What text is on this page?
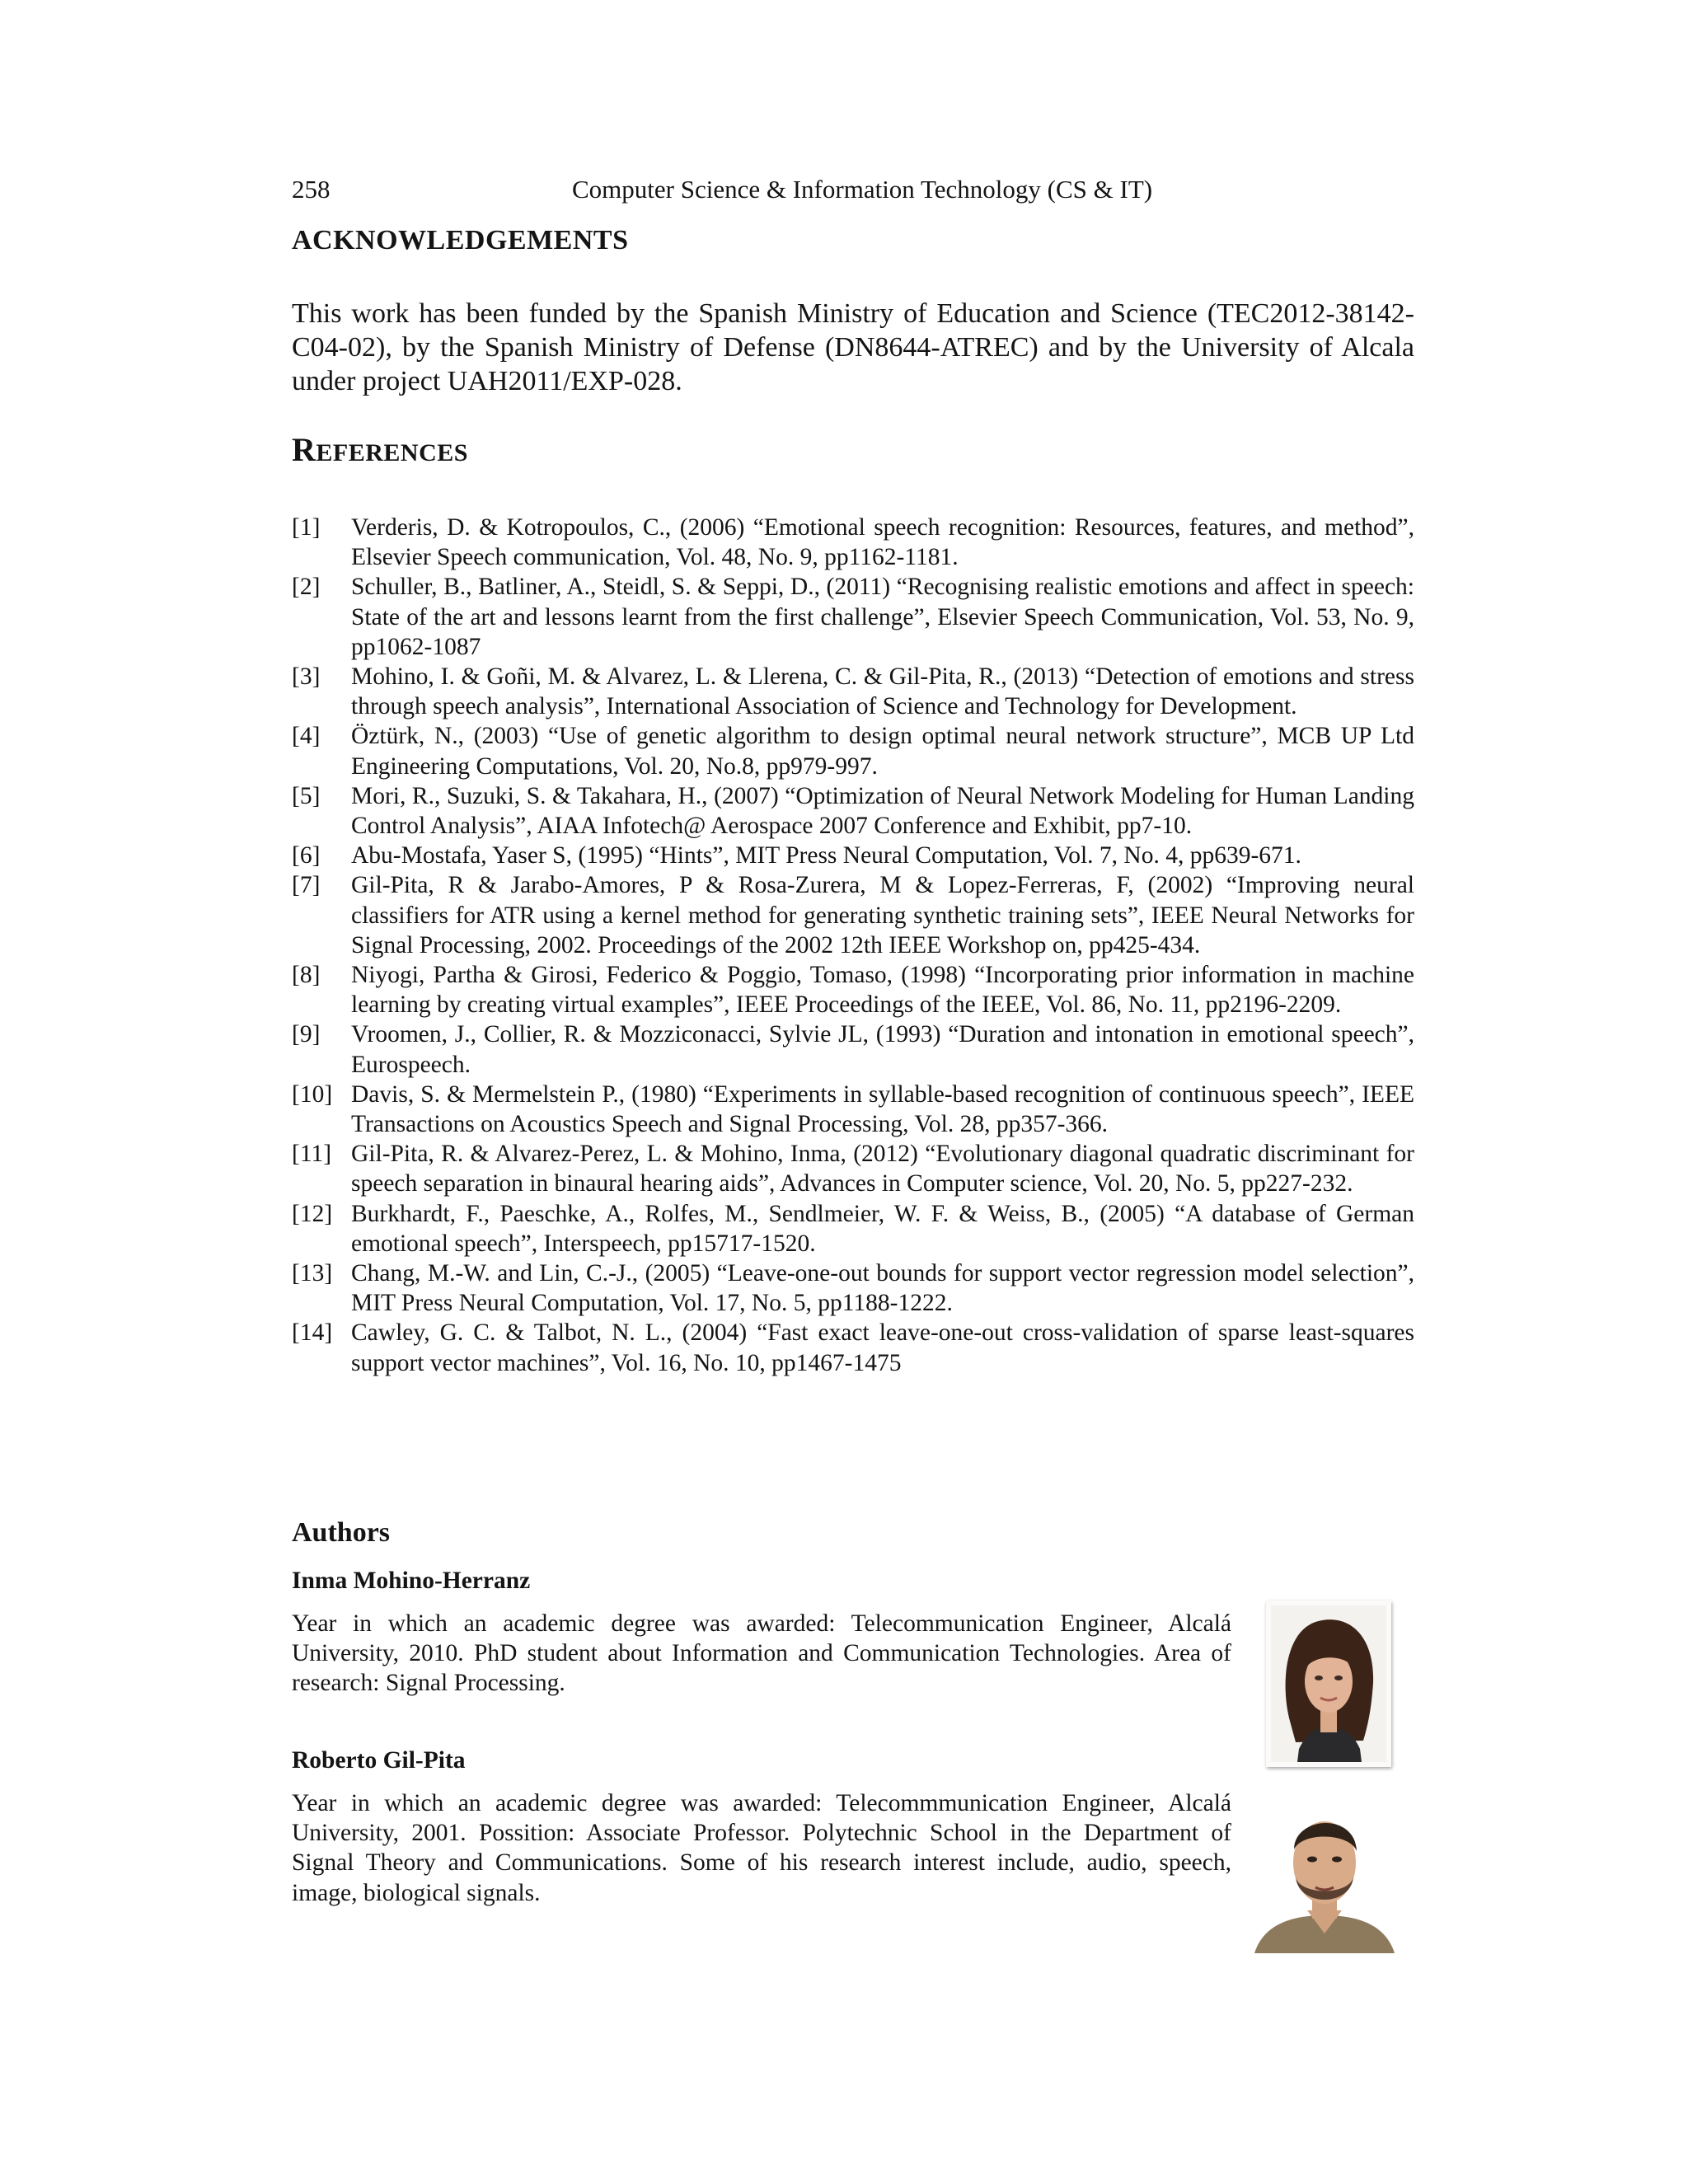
258	Computer Science & Information Technology (CS & IT)
ACKNOWLEDGEMENTS
This work has been funded by the Spanish Ministry of Education and Science (TEC2012-38142-C04-02), by the Spanish Ministry of Defense (DN8644-ATREC) and by the University of Alcala under project UAH2011/EXP-028.
REFERENCES
[1]	Verderis, D. & Kotropoulos, C., (2006) “Emotional speech recognition: Resources, features, and method”, Elsevier Speech communication, Vol. 48, No. 9, pp1162-1181.
[2]	Schuller, B., Batliner, A., Steidl, S. & Seppi, D., (2011) “Recognising realistic emotions and affect in speech: State of the art and lessons learnt from the first challenge”, Elsevier Speech Communication, Vol. 53, No. 9, pp1062-1087
[3]	Mohino, I. & Goñi, M. & Alvarez, L. & Llerena, C. & Gil-Pita, R., (2013) “Detection of emotions and stress through speech analysis”, International Association of Science and Technology for Development.
[4]	Öztürk, N., (2003) “Use of genetic algorithm to design optimal neural network structure”, MCB UP Ltd Engineering Computations, Vol. 20, No.8, pp979-997.
[5]	Mori, R., Suzuki, S. & Takahara, H., (2007) “Optimization of Neural Network Modeling for Human Landing Control Analysis”, AIAA Infotech@ Aerospace 2007 Conference and Exhibit, pp7-10.
[6]	Abu-Mostafa, Yaser S, (1995) “Hints”, MIT Press Neural Computation, Vol. 7, No. 4, pp639-671.
[7]	Gil-Pita, R & Jarabo-Amores, P & Rosa-Zurera, M & Lopez-Ferreras, F, (2002) “Improving neural classifiers for ATR using a kernel method for generating synthetic training sets”, IEEE Neural Networks for Signal Processing, 2002. Proceedings of the 2002 12th IEEE Workshop on, pp425-434.
[8]	Niyogi, Partha & Girosi, Federico & Poggio, Tomaso, (1998) “Incorporating prior information in machine learning by creating virtual examples”, IEEE Proceedings of the IEEE, Vol. 86, No. 11, pp2196-2209.
[9]	Vroomen, J., Collier, R. & Mozziconacci, Sylvie JL, (1993) “Duration and intonation in emotional speech”, Eurospeech.
[10] Davis, S. & Mermelstein P., (1980) “Experiments in syllable-based recognition of continuous speech”, IEEE Transactions on Acoustics Speech and Signal Processing, Vol. 28, pp357-366.
[11] Gil-Pita, R. & Alvarez-Perez, L. & Mohino, Inma, (2012) “Evolutionary diagonal quadratic discriminant for speech separation in binaural hearing aids”, Advances in Computer science, Vol. 20, No. 5, pp227-232.
[12] Burkhardt, F., Paeschke, A., Rolfes, M., Sendlmeier, W. F. & Weiss, B., (2005) “A database of German emotional speech”, Interspeech, pp15717-1520.
[13] Chang, M.-W. and Lin, C.-J., (2005) “Leave-one-out bounds for support vector regression model selection”, MIT Press Neural Computation, Vol. 17, No. 5, pp1188-1222.
[14] Cawley, G. C. & Talbot, N. L., (2004) “Fast exact leave-one-out cross-validation of sparse least-squares support vector machines”, Vol. 16, No. 10, pp1467-1475
Authors
Inma Mohino-Herranz
Year in which an academic degree was awarded: Telecommunication Engineer, Alcalá University, 2010. PhD student about Information and Communication Technologies. Area of research: Signal Processing.
Roberto Gil-Pita
Year in which an academic degree was awarded: Telecommmunication Engineer, Alcalá University, 2001. Possition: Associate Professor. Polytechnic School in the Department of Signal Theory and Communications. Some of his research interest include, audio, speech, image, biological signals.
